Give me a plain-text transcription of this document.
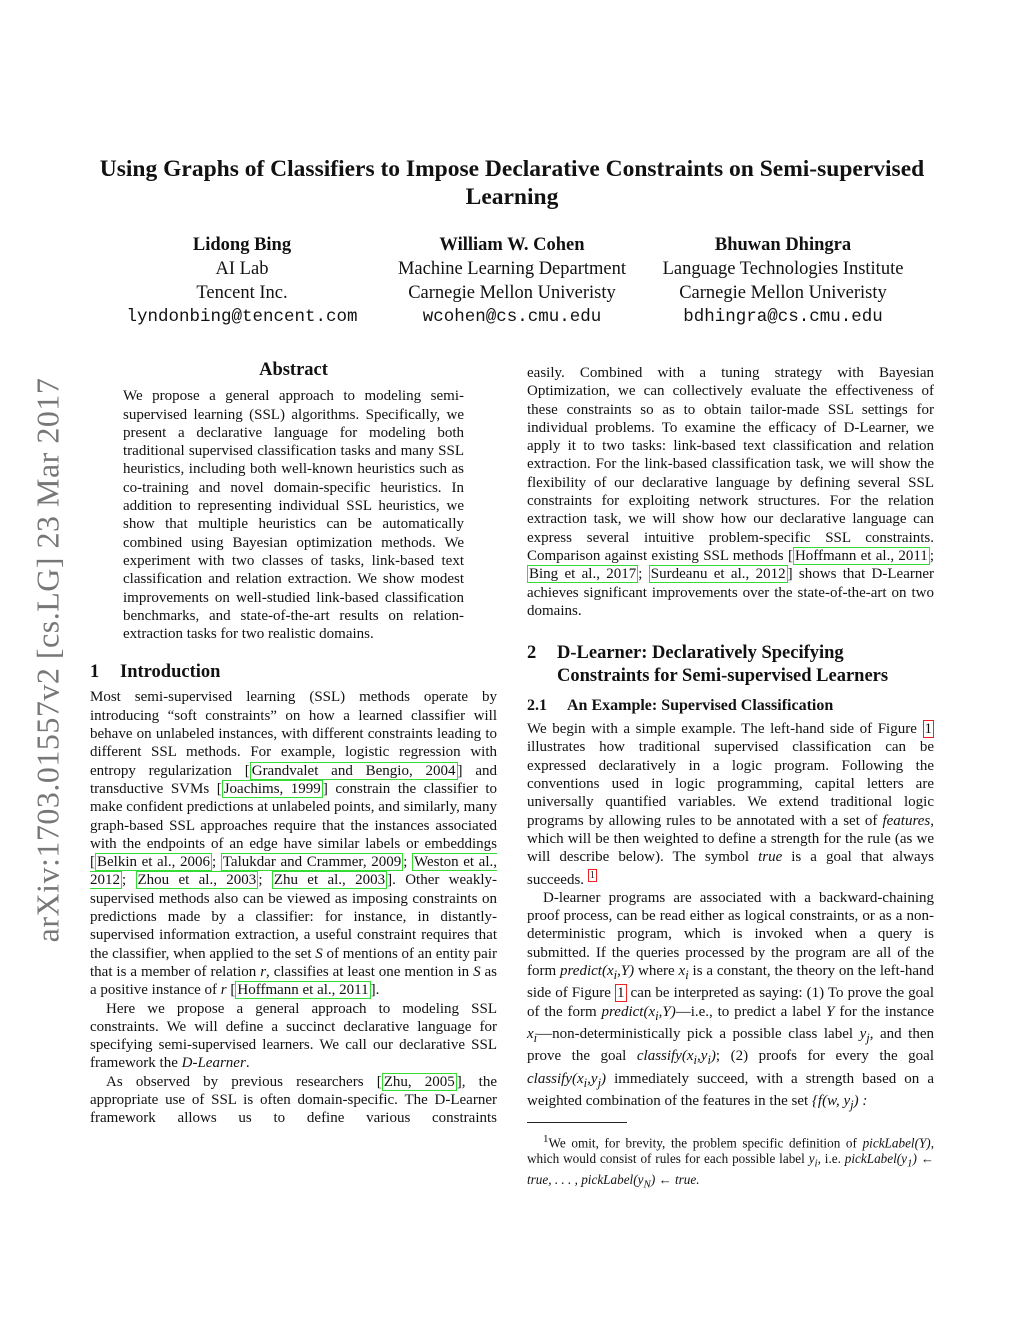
arXiv:1703.01557v2 [cs.LG] 23 Mar 2017
Using Graphs of Classifiers to Impose Declarative Constraints on Semi-supervised
Learning
Lidong Bing
AI Lab
Tencent Inc.
lyndonbing@tencent.com
William W. Cohen
Machine Learning Department
Carnegie Mellon Univeristy
wcohen@cs.cmu.edu
Bhuwan Dhingra
Language Technologies Institute
Carnegie Mellon Univeristy
bdhingra@cs.cmu.edu
Abstract

We propose a general approach to modeling semi-supervised learning (SSL) algorithms. Specifically, we present a declarative language for modeling both traditional supervised classification tasks and many SSL heuristics, including both well-known heuristics such as co-training and novel domain-specific heuristics. In addition to representing individual SSL heuristics, we show that multiple heuristics can be automatically combined using Bayesian optimization methods. We experiment with two classes of tasks, link-based text classification and relation extraction. We show modest improvements on well-studied link-based classification benchmarks, and state-of-the-art results on relation-extraction tasks for two realistic domains.

1	Introduction

Most semi-supervised learning (SSL) methods operate by introducing “soft constraints” on how a learned classifier will behave on unlabeled instances, with different constraints leading to different SSL methods. For example, logistic regression with entropy regularization [ Grandvalet and Bengio, 2004 ] and transductive SVMs [ Joachims, 1999 ] constrain the classifier to make confident predictions at unlabeled points, and similarly, many graph-based SSL approaches require that the instances associated with the endpoints of an edge have similar labels or embeddings [ Belkin et al., 2006 ; Talukdar and Crammer, 2009 ; Weston et al., 2012 ; Zhou et al., 2003 ; Zhu et al., 2003 ]. Other weakly-supervised methods also can be viewed as imposing constraints on predictions made by a classifier: for instance, in distantly-supervised information extraction, a useful constraint requires that the classifier, when applied to the set S of mentions of an entity pair that is a member of relation r, classifies at least one mention in S as a positive instance of r [ Hoffmann et al., 2011 ].

Here we propose a general approach to modeling SSL constraints. We will define a succinct declarative language for specifying semi-supervised learners. We call our declarative SSL framework the D-Learner.

As observed by previous researchers [ Zhu, 2005 ], the appropriate use of SSL is often domain-specific. The D-Learner framework allows us to define various constraints

easily. Combined with a tuning strategy with Bayesian Optimization, we can collectively evaluate the effectiveness of these constraints so as to obtain tailor-made SSL settings for individual problems. To examine the efficacy of D-Learner, we apply it to two tasks: link-based text classification and relation extraction. For the link-based classification task, we will show the flexibility of our declarative language by defining several SSL constraints for exploiting network structures. For the relation extraction task, we will show how our declarative language can express several intuitive problem-specific SSL constraints. Comparison against existing SSL methods [ Hoffmann et al., 2011 ; Bing et al., 2017 ; Surdeanu et al., 2012 ] shows that D-Learner achieves significant improvements over the state-of-the-art on two domains.

2	D-Learner: Declaratively Specifying
Constraints for Semi-supervised Learners
2.1	An Example: Supervised Classification

We begin with a simple example. The left-hand side of Figure 1 illustrates how traditional supervised classification can be expressed declaratively in a logic program. Following the conventions used in logic programming, capital letters are universally quantified variables. We extend traditional logic programs by allowing rules to be annotated with a set of features, which will be then weighted to define a strength for the rule (as we will describe below). The symbol true is a goal that always succeeds. $^1$

D-learner programs are associated with a backward-chaining proof process, can be read either as logical constraints, or as a non-deterministic program, which is invoked when a query is submitted. If the queries processed by the program are all of the form $predict(x_i,Y)$ where $x_i$ is a constant, the theory on the left-hand side of Figure 1 can be interpreted as saying: (1) To prove the goal of the form $predict(x_i,Y)—i.e$., to predict a label Y for the instance $x_i—non$-deterministically pick a possible class label $y_j$, and then prove the goal $classify(x_i,y_i)$; (2) proofs for every the goal $classify(x_i,y_j)$ immediately succeed, with a strength based on a weighted combination of the features in the set {f(w, $y_j$) :

$^1$We omit, for brevity, the problem specific definition of pickLabel(Y), which would consist of rules for each possible label $y_i$, i.e. $pickLabel(y_1)$ ← true, . . . , $pickLabel(y_N)$ ← true.
